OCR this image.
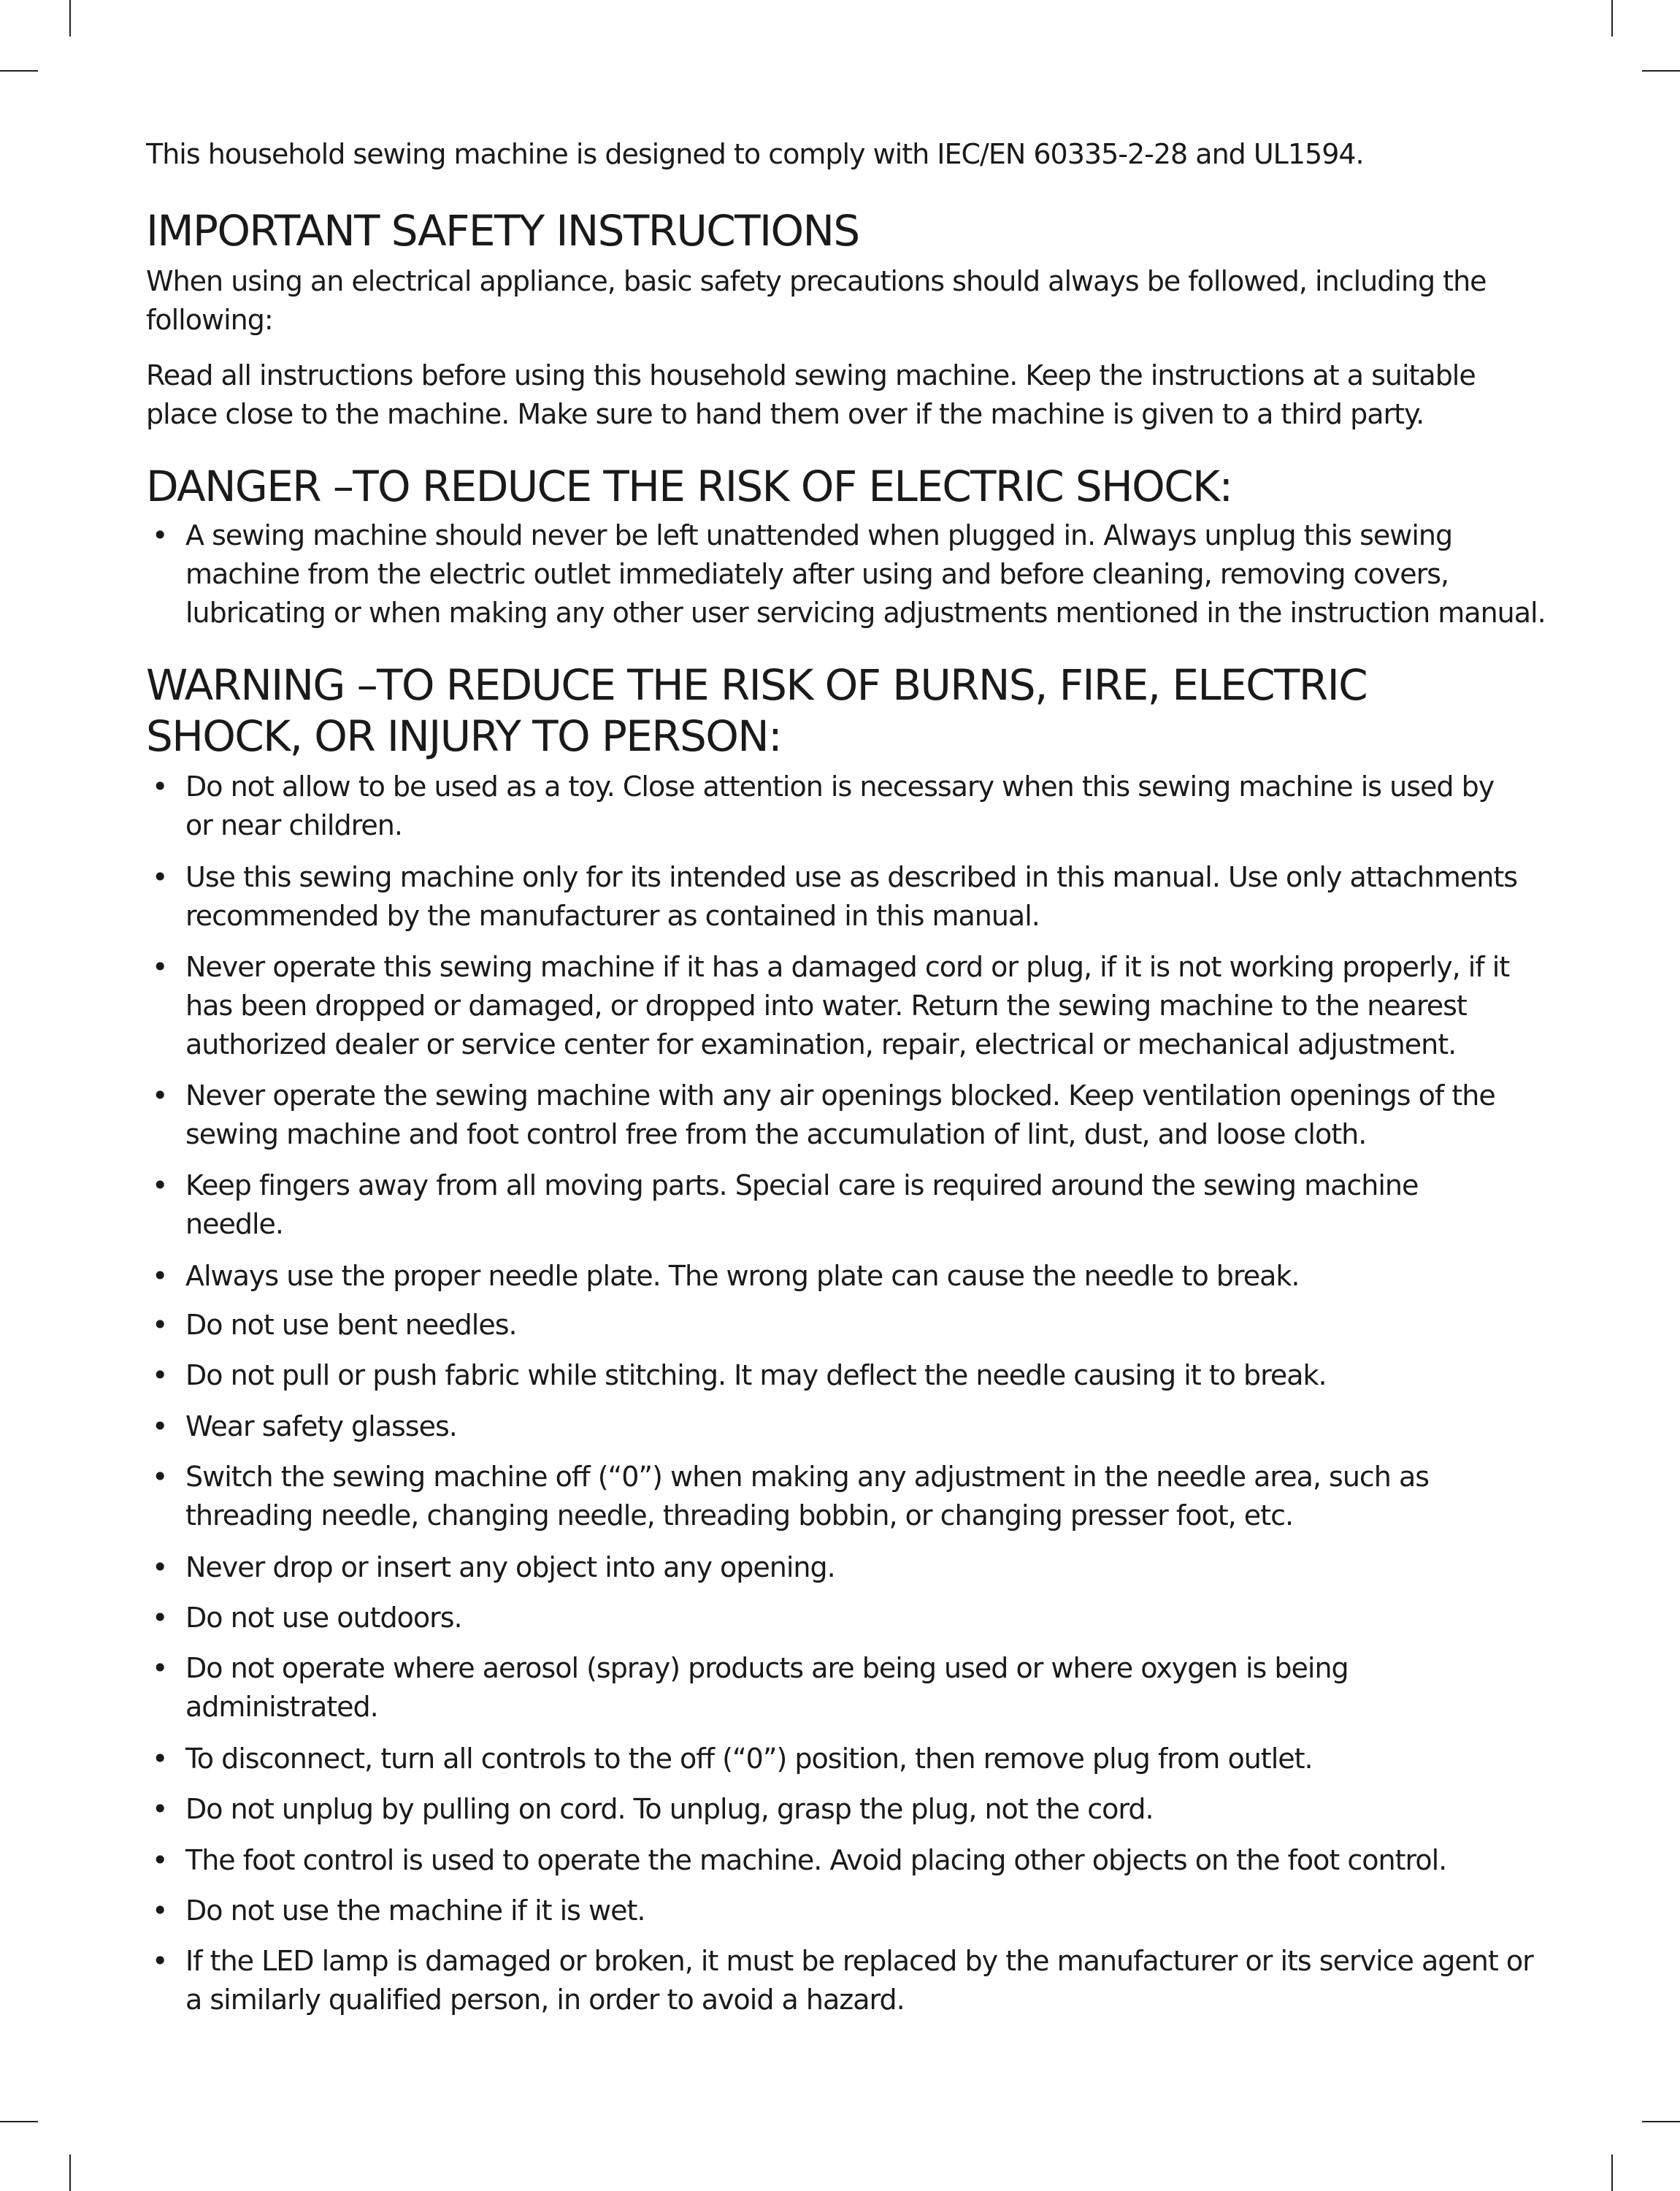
This household sewing machine is designed to comply with IEC/EN 60335-2-28 and UL1594.
IMPORTANT SAFETY INSTRUCTIONS
When using an electrical appliance, basic safety precautions should always be followed, including the
following:
Read all instructions before using this household sewing machine. Keep the instructions at a suitable
place close to the machine. Make sure to hand them over if the machine is given to a third party.
DANGER –TO REDUCE THE RISK OF ELECTRIC SHOCK:
• A sewing machine should never be left unattended when plugged in. Always unplug this sewing
machine from the electric outlet immediately after using and before cleaning, removing covers,
lubricating or when making any other user servicing adjustments mentioned in the instruction manual.
WARNING –TO REDUCE THE RISK OF BURNS, FIRE, ELECTRIC
SHOCK, OR INJURY TO PERSON:
• Do not allow to be used as a toy. Close attention is necessary when this sewing machine is used by
or near children.
• Use this sewing machine only for its intended use as described in this manual. Use only attachments
recommended by the manufacturer as contained in this manual.
• Never operate this sewing machine if it has a damaged cord or plug, if it is not working properly, if it
has been dropped or damaged, or dropped into water. Return the sewing machine to the nearest
authorized dealer or service center for examination, repair, electrical or mechanical adjustment.
• Never operate the sewing machine with any air openings blocked. Keep ventilation openings of the
sewing machine and foot control free from the accumulation of lint, dust, and loose cloth.
• Keep fingers away from all moving parts. Special care is required around the sewing machine
needle.
• Always use the proper needle plate. The wrong plate can cause the needle to break.
• Do not use bent needles.
• Do not pull or push fabric while stitching. It may deflect the needle causing it to break.
• Wear safety glasses.
• Switch the sewing machine off (“0”) when making any adjustment in the needle area, such as
threading needle, changing needle, threading bobbin, or changing presser foot, etc.
• Never drop or insert any object into any opening.
• Do not use outdoors.
• Do not operate where aerosol (spray) products are being used or where oxygen is being
administrated.
• To disconnect, turn all controls to the off (“0”) position, then remove plug from outlet.
• Do not unplug by pulling on cord. To unplug, grasp the plug, not the cord.
• The foot control is used to operate the machine. Avoid placing other objects on the foot control.
• Do not use the machine if it is wet.
• If the LED lamp is damaged or broken, it must be replaced by the manufacturer or its service agent or
a similarly qualified person, in order to avoid a hazard.
